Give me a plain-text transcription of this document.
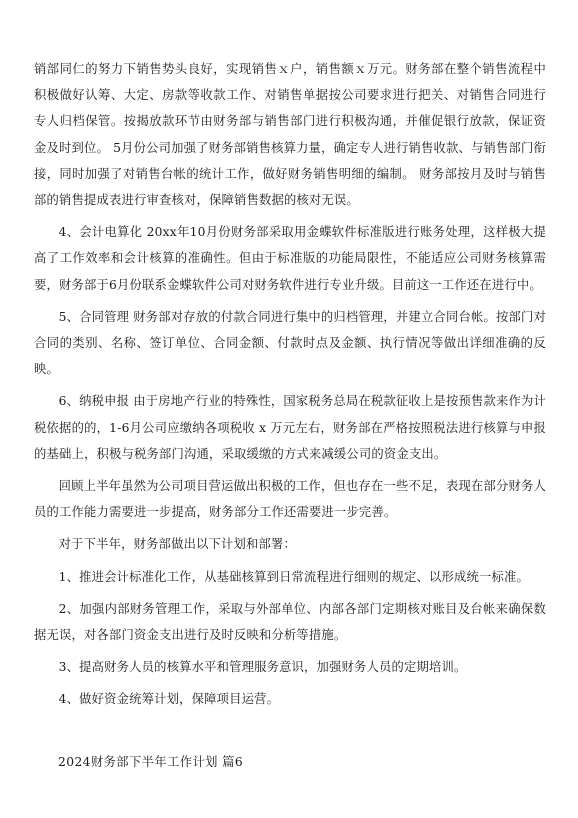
销部同仁的努力下销售势头良好，实现销售ｘ户，销售额ｘ万元。财务部在整个销售流程中积极做好认筹、大定、房款等收款工作、对销售单据按公司要求进行把关、对销售合同进行专人归档保管。按揭放款环节由财务部与销售部门进行积极沟通，并催促银行放款，保证资金及时到位。 5月份公司加强了财务部销售核算力量，确定专人进行销售收款、与销售部门衔接，同时加强了对销售台帐的统计工作，做好财务销售明细的编制。 财务部按月及时与销售部的销售提成表进行审查核对，保障销售数据的核对无误。

4、会计电算化 20xx年10月份财务部采取用金蝶软件标准版进行账务处理，这样极大提高了工作效率和会计核算的准确性。但由于标准版的功能局限性，不能适应公司财务核算需要，财务部于6月份联系金蝶软件公司对财务软件进行专业升级。目前这一工作还在进行中。

5、合同管理 财务部对存放的付款合同进行集中的归档管理，并建立合同台帐。按部门对合同的类别、名称、签订单位、合同金额、付款时点及金额、执行情况等做出详细准确的反映。

6、纳税申报 由于房地产行业的特殊性，国家税务总局在税款征收上是按预售款来作为计税依据的的，1-6月公司应缴纳各项税收 x 万元左右，财务部在严格按照税法进行核算与申报的基础上，积极与税务部门沟通，采取缓缴的方式来减缓公司的资金支出。

回顾上半年虽然为公司项目营运做出积极的工作，但也存在一些不足，表现在部分财务人员的工作能力需要进一步提高，财务部分工作还需要进一步完善。

对于下半年，财务部做出以下计划和部署：

1、推进会计标准化工作，从基础核算到日常流程进行细则的规定、以形成统一标准。

2、加强内部财务管理工作，采取与外部单位、内部各部门定期核对账目及台帐来确保数据无误，对各部门资金支出进行及时反映和分析等措施。

3、提高财务人员的核算水平和管理服务意识，加强财务人员的定期培训。

4、做好资金统筹计划，保障项目运营。

2024财务部下半年工作计划 篇6
